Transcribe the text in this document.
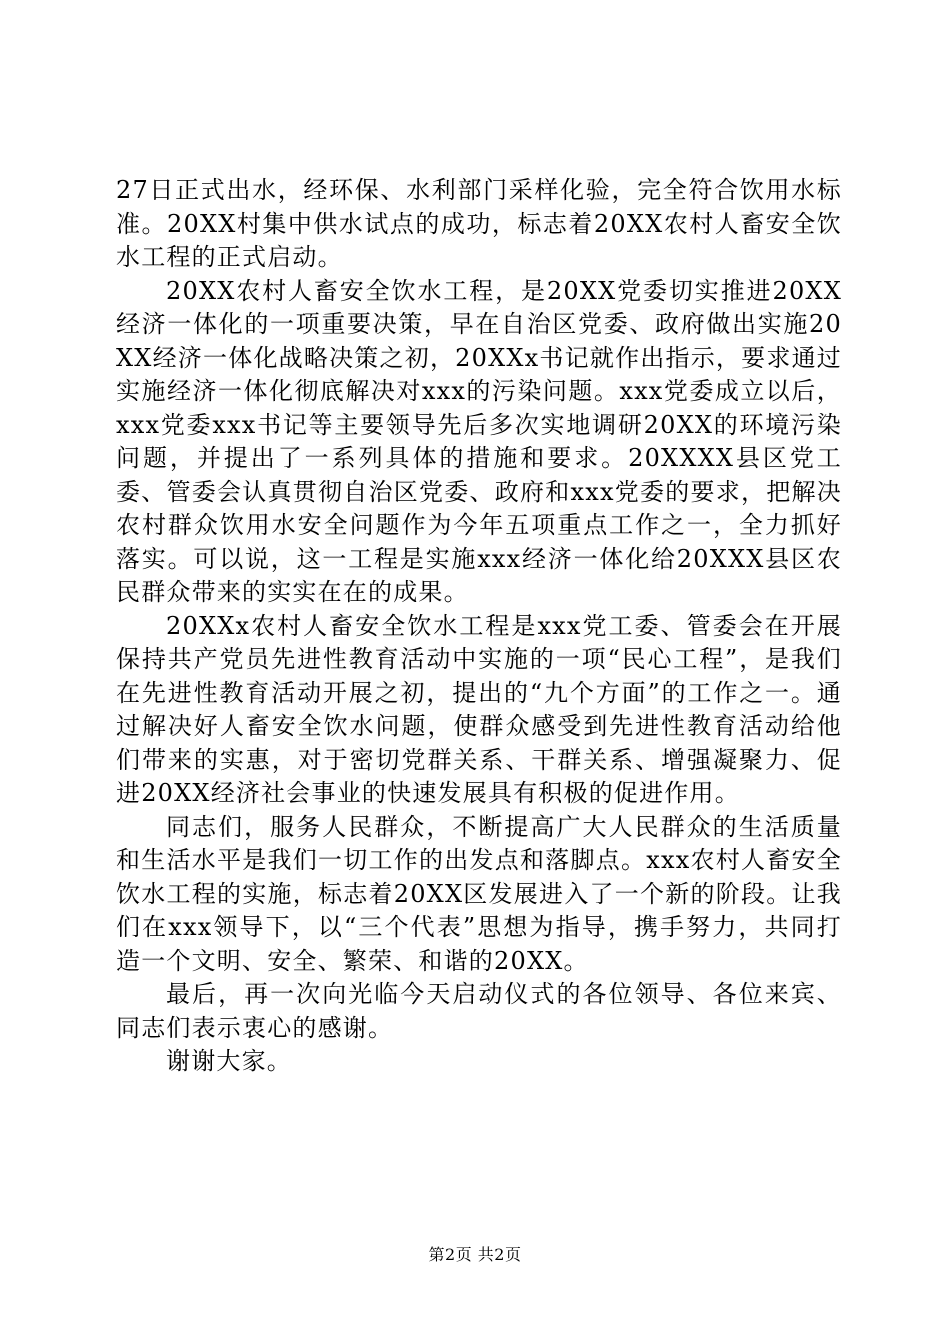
27日正式出水，经环保、水利部门采样化验，完全符合饮用水标准。20XX村集中供水试点的成功，标志着20XX农村人畜安全饮水工程的正式启动。

20XX农村人畜安全饮水工程，是20XX党委切实推进20XX经济一体化的一项重要决策，早在自治区党委、政府做出实施20XX经济一体化战略决策之初，20XXx书记就作出指示，要求通过实施经济一体化彻底解决对xxx的污染问题。xxx党委成立以后，xxx党委xxx书记等主要领导先后多次实地调研20XX的环境污染问题，并提出了一系列具体的措施和要求。20XXXX县区党工委、管委会认真贯彻自治区党委、政府和xxx党委的要求，把解决农村群众饮用水安全问题作为今年五项重点工作之一，全力抓好落实。可以说，这一工程是实施xxx经济一体化给20XXX县区农民群众带来的实实在在的成果。

20XXx农村人畜安全饮水工程是xxx党工委、管委会在开展保持共产党员先进性教育活动中实施的一项“民心工程”，是我们在先进性教育活动开展之初，提出的“九个方面”的工作之一。通过解决好人畜安全饮水问题，使群众感受到先进性教育活动给他们带来的实惠，对于密切党群关系、干群关系、增强凝聚力、促进20XX经济社会事业的快速发展具有积极的促进作用。

同志们，服务人民群众，不断提高广大人民群众的生活质量和生活水平是我们一切工作的出发点和落脚点。xxx农村人畜安全饮水工程的实施，标志着20XX区发展进入了一个新的阶段。让我们在xxx领导下，以“三个代表”思想为指导，携手努力，共同打造一个文明、安全、繁荣、和谐的20XX。

最后，再一次向光临今天启动仪式的各位领导、各位来宾、同志们表示衷心的感谢。

谢谢大家。

第2页 共2页
